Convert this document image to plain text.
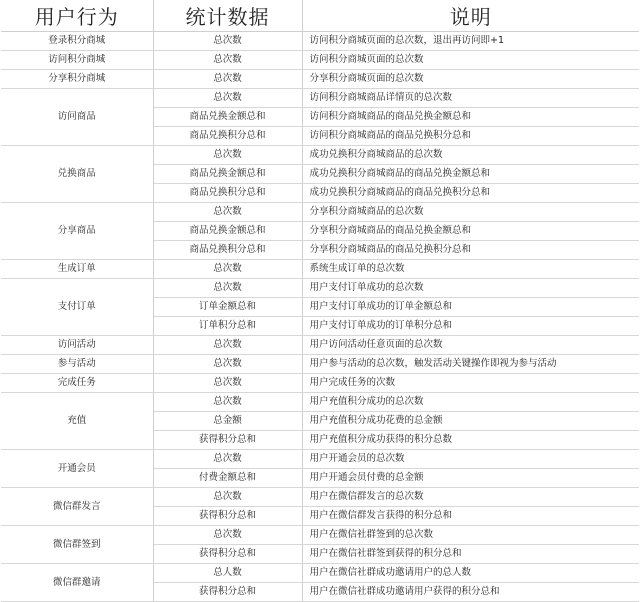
用户行为	统计数据	说明
登录积分商城	总次数	访问积分商城页面的总次数，退出再访问即+1
访问积分商城	总次数	访问积分商城页面的总次数
分享积分商城	总次数	分享积分商城页面的总次数
访问商品	总次数	访问积分商城商品详情页的总次数
	商品兑换金额总和	访问积分商城商品的商品兑换金额总和
	商品兑换积分总和	访问积分商城商品的商品兑换积分总和
兑换商品	总次数	成功兑换积分商城商品的总次数
	商品兑换金额总和	成功兑换积分商城商品的商品兑换金额总和
	商品兑换积分总和	成功兑换积分商城商品的商品兑换积分总和
分享商品	总次数	分享积分商城商品的总次数
	商品兑换金额总和	分享积分商城商品的商品兑换金额总和
	商品兑换积分总和	分享积分商城商品的商品兑换积分总和
生成订单	总次数	系统生成订单的总次数
支付订单	总次数	用户支付订单成功的总次数
	订单金额总和	用户支付订单成功的订单金额总和
	订单积分总和	用户支付订单成功的订单积分总和
访问活动	总次数	用户访问活动任意页面的总次数
参与活动	总次数	用户参与活动的总次数，触发活动关键操作即视为参与活动
完成任务	总次数	用户完成任务的次数
充值	总次数	用户充值积分成功的总次数
	总金额	用户充值积分成功花费的总金额
	获得积分总和	用户充值积分成功获得的积分总数
开通会员	总次数	用户开通会员的总次数
	付费金额总和	用户开通会员付费的总金额
微信群发言	总次数	用户在微信群发言的总次数
	获得积分总和	用户在微信群发言获得的积分总和
微信群签到	总次数	用户在微信社群签到的总次数
	获得积分总和	用户在微信社群签到获得的积分总和
微信群邀请	总人数	用户在微信社群成功邀请用户的总人数
	获得积分总和	用户在微信社群成功邀请用户获得的积分总和
